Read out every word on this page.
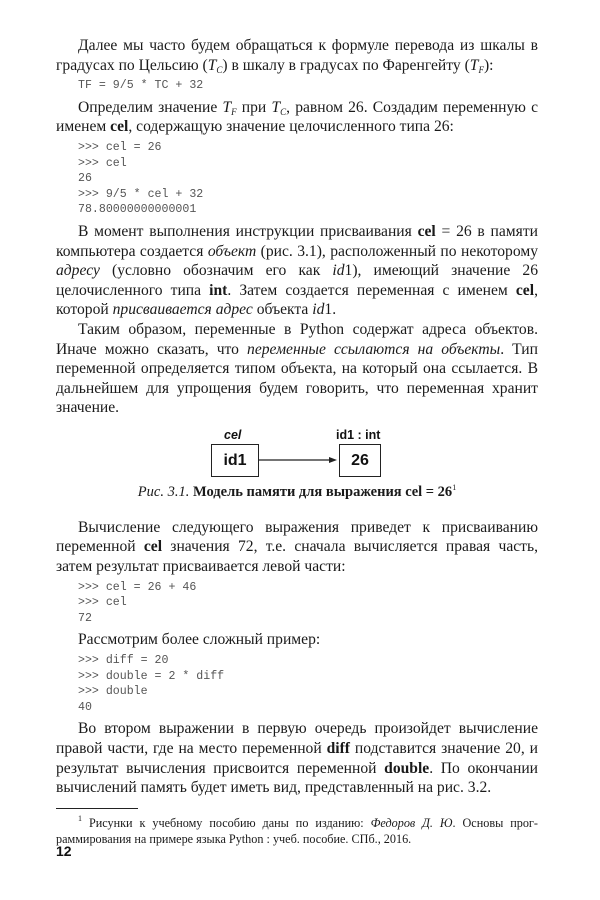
Далее мы часто будем обращаться к формуле перевода из шкалы в градусах по Цельсию $(T_C)$ в шкалу в градусах по Фаренгейту $(T_F)$:

TF = 9/5 * TC + 32

Определим значение $T_F$ при $T_C$, равном 26. Создадим переменную с именем cel, содержащую значение целочисленного типа 26:

>>> cel = 26
>>> cel
26
>>> 9/5 * cel + 32
78.80000000000001

В момент выполнения инструкции присваивания cel = 26 в памяти компьютера создается объект (рис. 3.1), расположенный по некоторому адресу (условно обозначим его как id1), имеющий значение 26 целочисленного типа int. Затем создается переменная с именем cel, которой присваивается адрес объекта id1.

Таким образом, переменные в Python содержат адреса объектов. Иначе можно сказать, что переменные ссылаются на объекты. Тип переменной определяется типом объекта, на который она ссылается. В дальнейшем для упрощения будем говорить, что переменная хранит значение.

cel	id1 : int
id1	26
Рис. 3.1. Модель памяти для выражения cel = $26^1$

Вычисление следующего выражения приведет к присваиванию переменной cel значения 72, т.е. сначала вычисляется правая часть, затем результат присваивается левой части:

>>> cel = 26 + 46
>>> cel
72

Рассмотрим более сложный пример:

>>> diff = 20
>>> double = 2 * diff
>>> double
40

Во втором выражении в первую очередь произойдет вычисление правой части, где на место переменной diff подставится значение 20, и результат вычисления присвоится переменной double. По окончании вычислений память будет иметь вид, представленный на рис. 3.2.

$^1$ Рисунки к учебному пособию даны по изданию: Федоров Д. Ю. Основы программирования на примере языка Python : учеб. пособие. СПб., 2016.

12
